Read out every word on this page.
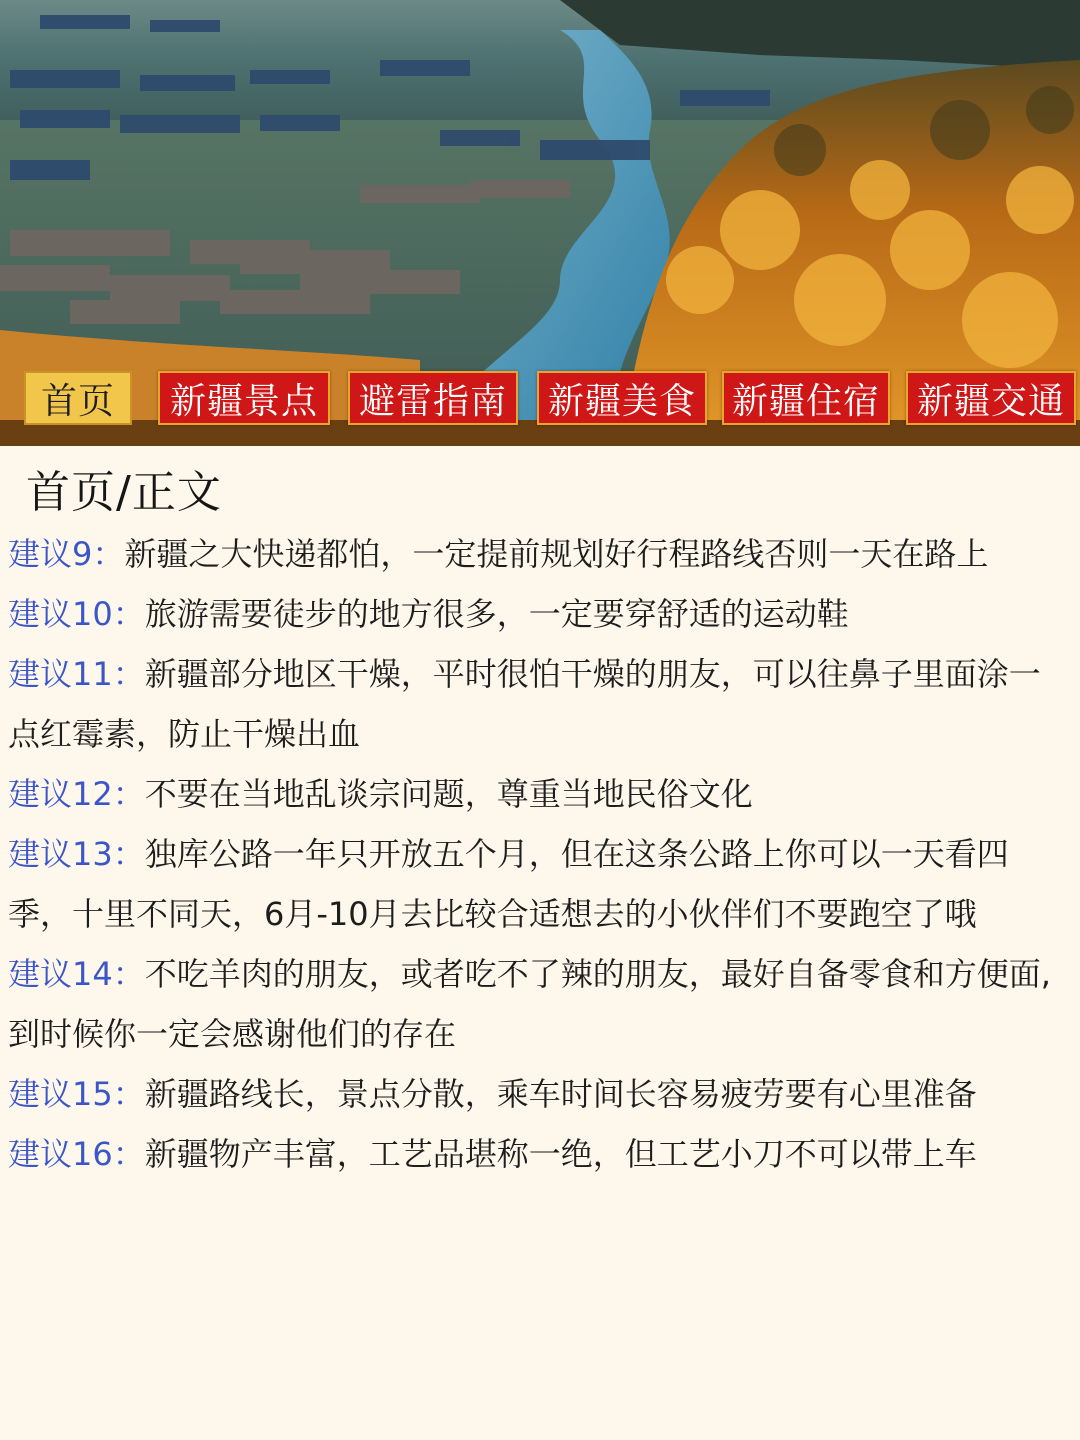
首页	新疆景点	避雷指南	新疆美食 新疆住宿	新疆交通
首页/正文

建议9：新疆之大快递都怕，一定提前规划好行程路线否则一天在路上

建议10：旅游需要徒步的地方很多，一定要穿舒适的运动鞋

建议11：新疆部分地区干燥，平时很怕干燥的朋友，可以往鼻子里面涂一点红霉素，防止干燥出血

建议12：不要在当地乱谈宗问题，尊重当地民俗文化

建议13：独库公路一年只开放五个月，但在这条公路上你可以一天看四季，十里不同天，6月-10月去比较合适想去的小伙伴们不要跑空了哦

建议14：不吃羊肉的朋友，或者吃不了辣的朋友，最好自备零食和方便面,到时候你一定会感谢他们的存在

建议15：新疆路线长，景点分散，乘车时间长容易疲劳要有心里准备

建议16：新疆物产丰富，工艺品堪称一绝，但工艺小刀不可以带上车
